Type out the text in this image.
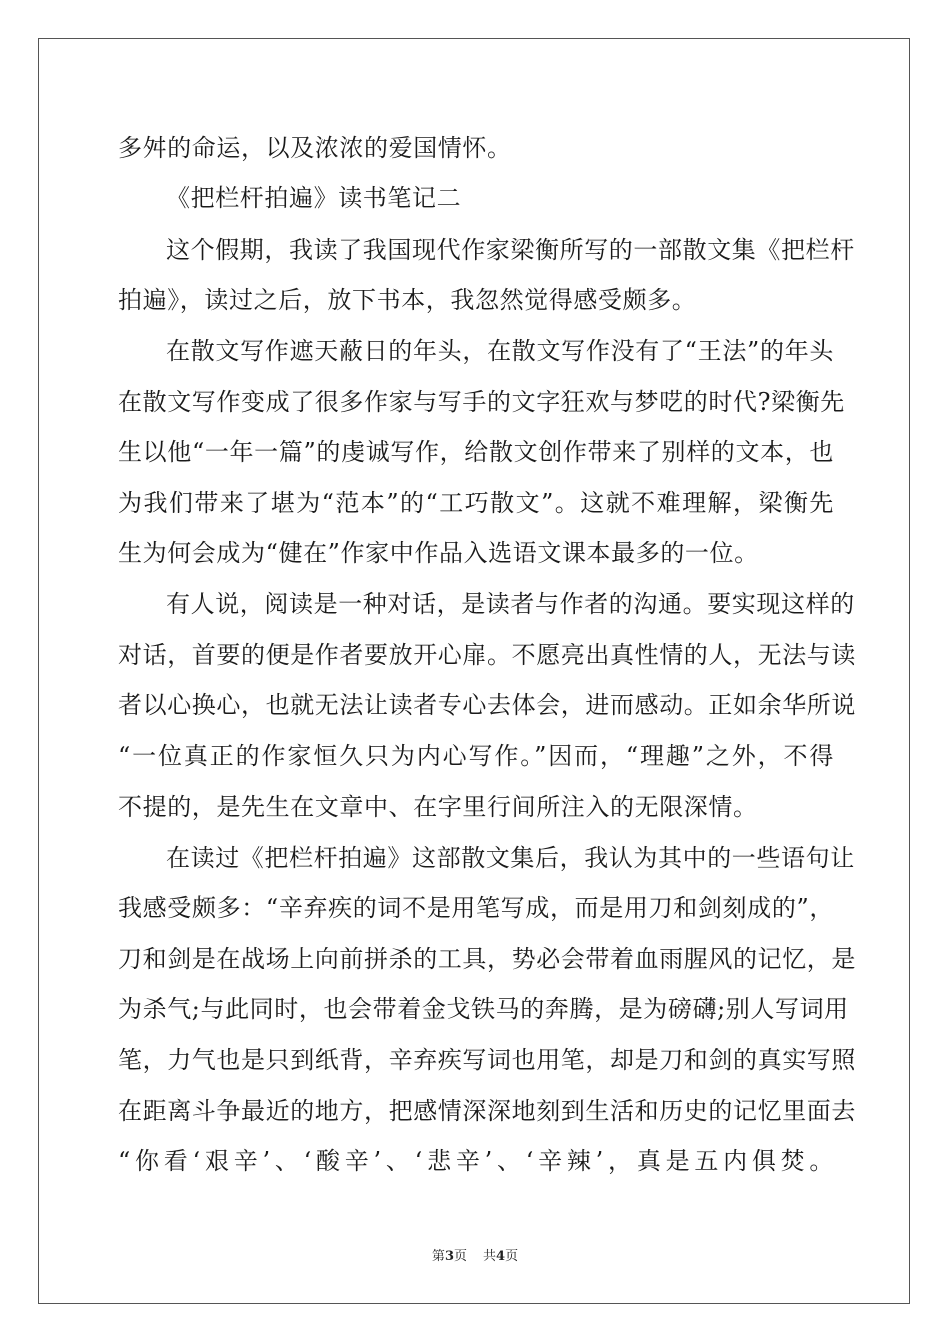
多舛的命运，以及浓浓的爱国情怀。
《把栏杆拍遍》读书笔记二
这个假期，我读了我国现代作家梁衡所写的一部散文集《把栏杆
拍遍》，读过之后，放下书本，我忽然觉得感受颇多。
在散文写作遮天蔽日的年头，在散文写作没有了“王法”的年头
在散文写作变成了很多作家与写手的文字狂欢与梦呓的时代?梁衡先
生以他“一年一篇”的虔诚写作，给散文创作带来了别样的文本，也
为我们带来了堪为“范本”的“工巧散文”。这就不难理解，梁衡先
生为何会成为“健在”作家中作品入选语文课本最多的一位。
有人说，阅读是一种对话，是读者与作者的沟通。要实现这样的
对话，首要的便是作者要放开心扉。不愿亮出真性情的人，无法与读
者以心换心，也就无法让读者专心去体会，进而感动。正如余华所说
“一位真正的作家恒久只为内心写作。”因而，“理趣”之外，不得
不提的，是先生在文章中、在字里行间所注入的无限深情。
在读过《把栏杆拍遍》这部散文集后，我认为其中的一些语句让
我感受颇多：“辛弃疾的词不是用笔写成，而是用刀和剑刻成的”，
刀和剑是在战场上向前拼杀的工具，势必会带着血雨腥风的记忆，是
为杀气;与此同时，也会带着金戈铁马的奔腾，是为磅礴;别人写词用
笔，力气也是只到纸背，辛弃疾写词也用笔，却是刀和剑的真实写照
在距离斗争最近的地方，把感情深深地刻到生活和历史的记忆里面去
“你看‘艰辛’、‘酸辛’、‘悲辛’、‘辛辣’，真是五内俱焚。
第3页 共4页
